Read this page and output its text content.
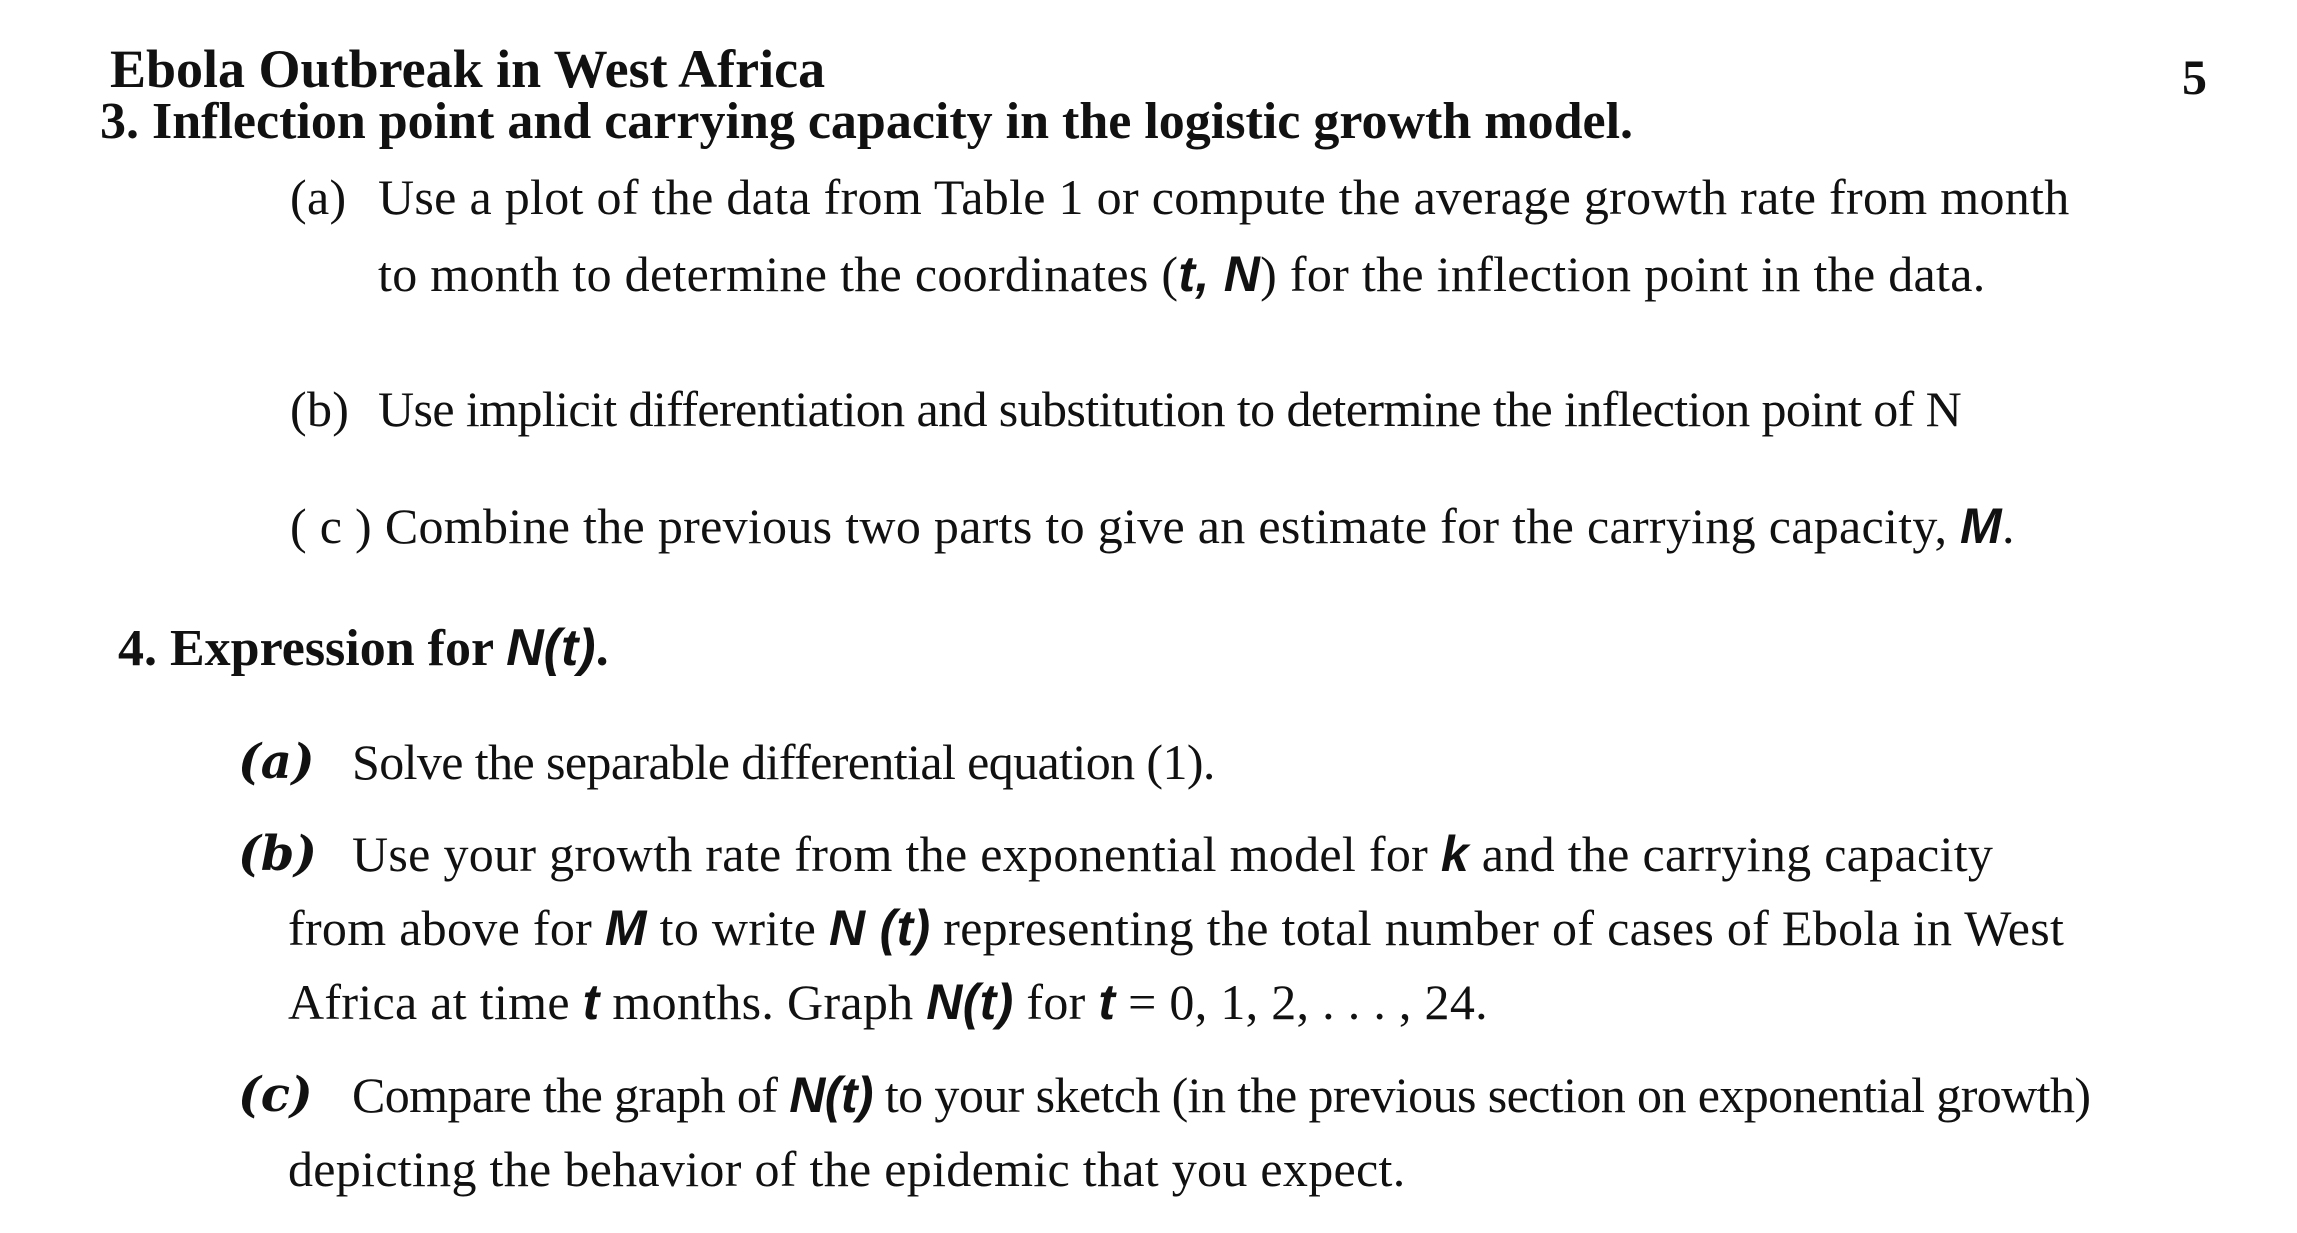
Ebola Outbreak in West Africa	5
3. Inflection point and carrying capacity in the logistic growth model.
(a) Use a plot of the data from Table 1 or compute the average growth rate from month
to month to determine the coordinates (t, N) for the inflection point in the data.
(b) Use implicit differentiation and substitution to determine the inflection point of N
( c ) Combine the previous two parts to give an estimate for the carrying capacity, M.
4. Expression for N(t).
(a) Solve the separable differential equation (1).
(b) Use your growth rate from the exponential model for k and the carrying capacity
from above for M to write N (t) representing the total number of cases of Ebola in West
Africa at time t months. Graph N(t) for t = 0, 1, 2, . . . , 24.
(c) Compare the graph of N(t) to your sketch (in the previous section on exponential growth)
depicting the behavior of the epidemic that you expect.
